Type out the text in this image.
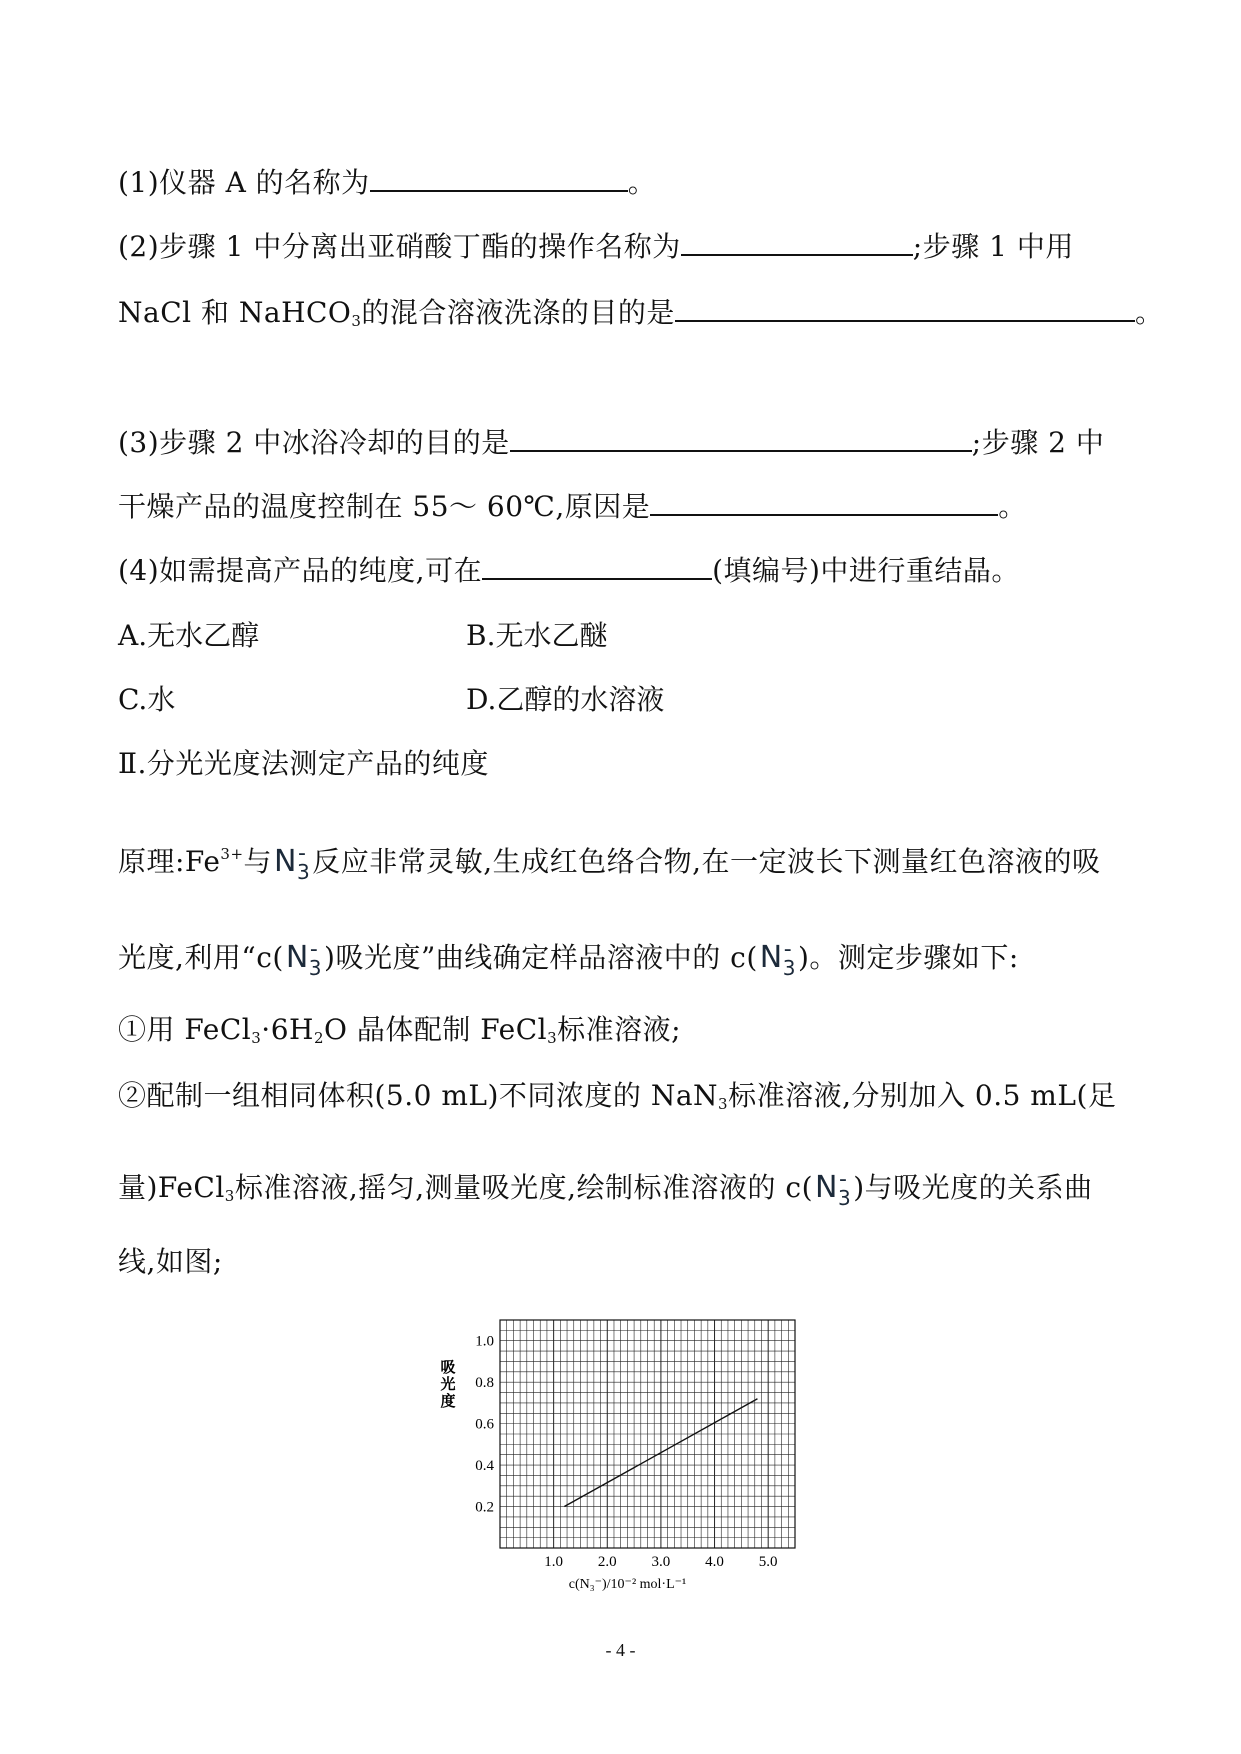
(1)仪器 A 的名称为	。
(2)步骤 1 中分离出亚硝酸丁酯的操作名称为	;步骤 1 中用
NaCl 和 NaHCO$_3$的混合溶液洗涤的目的是	。
(3)步骤 2 中冰浴冷却的目的是	;步骤 2 中
干燥产品的温度控制在 55～ 60℃,原因是	。
(4)如需提高产品的纯度,可在	(填编号)中进行重结晶。
A.无水乙醇	B.无水乙醚
C.水	D.乙醇的水溶液
Ⅱ.分光光度法测定产品的纯度
原理$:Fe^{3+}$与N -
$_3$反应非常灵敏,生成红色络合物,在一定波长下测量红色溶液的吸
光度,利用“c(N -
$_3$)吸光度”曲线确定样品溶液中的 c(N -
$_3$)。测定步骤如下:
①用 $FeCl_3\cdot 6H_2O$ 晶体配制 FeCl$_3$标准溶液;
②配制一组相同体积(5.0 mL)不同浓度的 NaN$_3$标准溶液,分别加入 0.5 mL(足
量)FeCl$_3$标准溶液,摇匀,测量吸光度,绘制标准溶液的 c(N -
$_3$)与吸光度的关系曲
线,如图;
1.0 2.0 3.0 4.0 5.0
0.2
0.4
0.6
0.8
1.0
吸
光
度
c(N₃⁻)/10⁻² mol·L⁻¹
- 4 -
